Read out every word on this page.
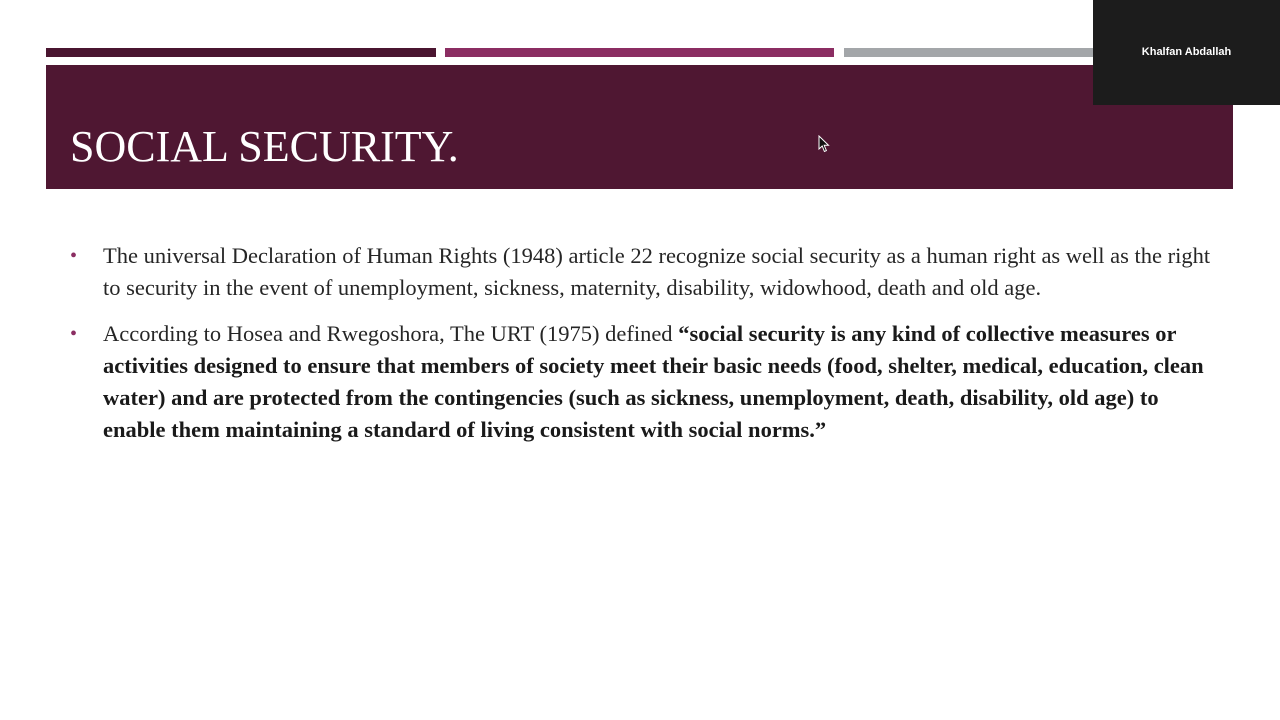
SOCIAL SECURITY.
• The universal Declaration of Human Rights (1948) article 22 recognize social security as a human right as well as the right to security in the event of unemployment, sickness, maternity, disability, widowhood, death and old age.
• According to Hosea and Rwegoshora, The URT (1975) defined “social security is any kind of collective measures or activities designed to ensure that members of society meet their basic needs (food, shelter, medical, education, clean water) and are protected from the contingencies (such as sickness, unemployment, death, disability, old age) to enable them maintaining a standard of living consistent with social norms.”
Khalfan Abdallah
